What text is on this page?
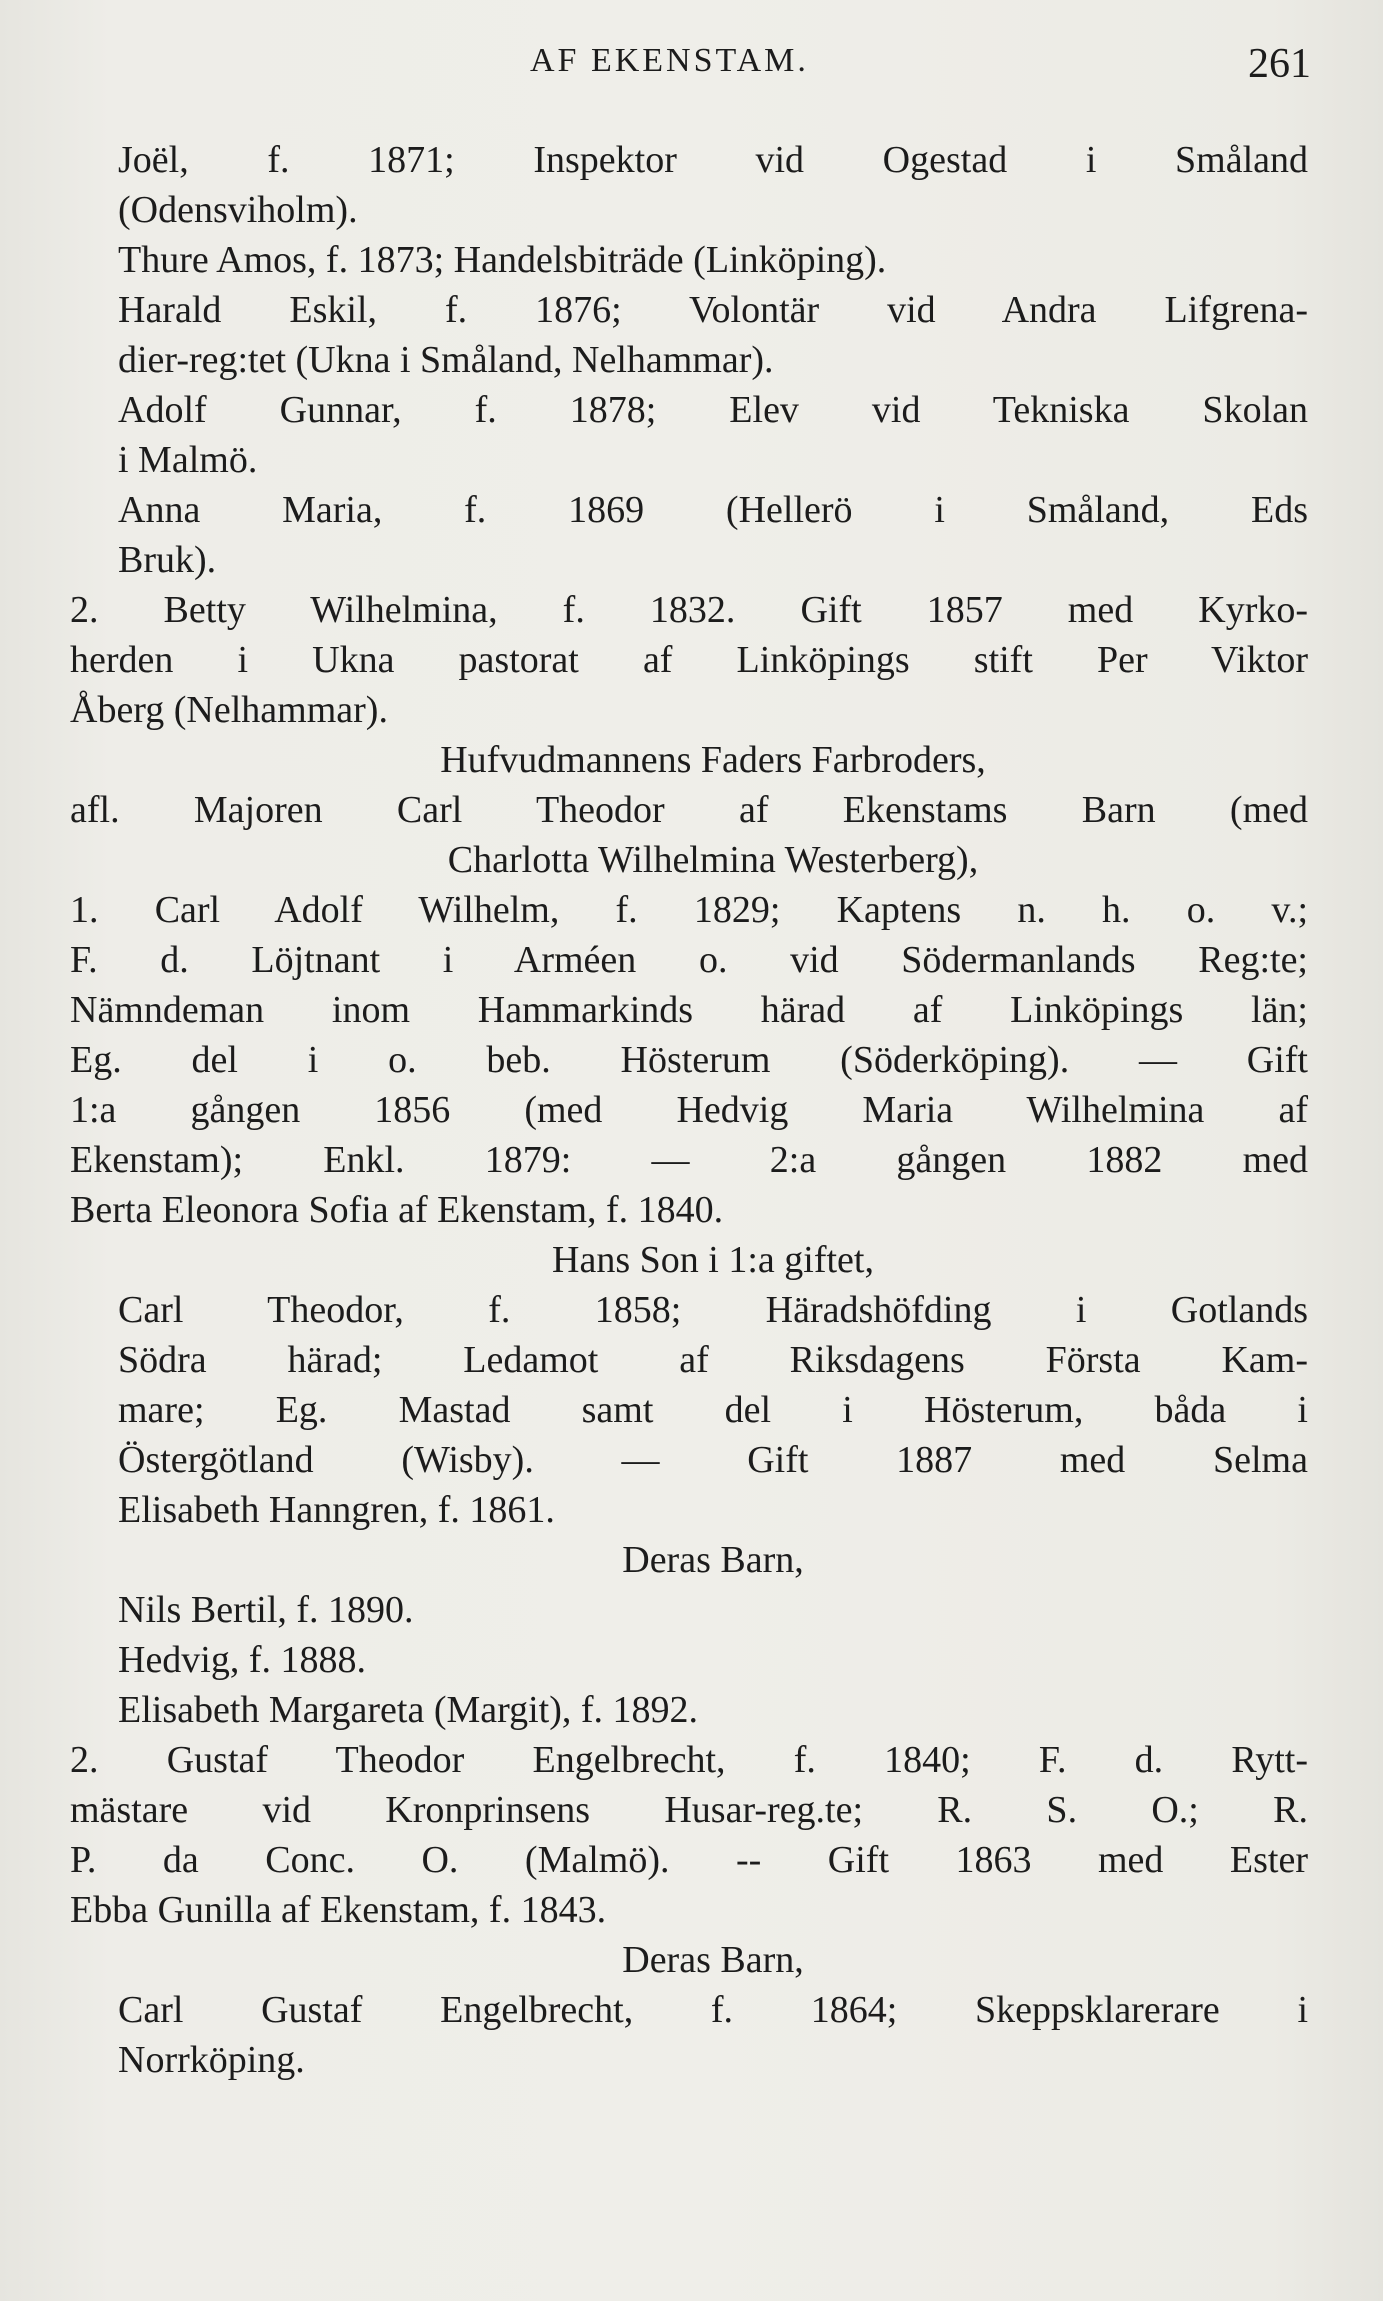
AF EKENSTAM.	261
Joël, f. 1871; Inspektor vid Ogestad i Småland
(Odensviholm).
Thure Amos, f. 1873; Handelsbiträde (Linköping).
Harald Eskil, f. 1876; Volontär vid Andra Lifgrena-
dier-reg:tet (Ukna i Småland, Nelhammar).
Adolf Gunnar, f. 1878; Elev vid Tekniska Skolan
i Malmö.
Anna Maria, f. 1869 (Hellerö i Småland, Eds
Bruk).
2. Betty Wilhelmina, f. 1832. Gift 1857 med Kyrko-
herden i Ukna pastorat af Linköpings stift Per Viktor
Åberg (Nelhammar).
Hufvudmannens Faders Farbroders,
afl. Majoren Carl Theodor af Ekenstams Barn (med
Charlotta Wilhelmina Westerberg),
1. Carl Adolf Wilhelm, f. 1829; Kaptens n. h. o. v.;
F. d. Löjtnant i Arméen o. vid Södermanlands Reg:te;
Nämndeman inom Hammarkinds härad af Linköpings län;
Eg. del i o. beb. Hösterum (Söderköping). — Gift
1:a gången 1856 (med Hedvig Maria Wilhelmina af
Ekenstam); Enkl. 1879: — 2:a gången 1882 med
Berta Eleonora Sofia af Ekenstam, f. 1840.
Hans Son i 1:a giftet,
Carl Theodor, f. 1858; Häradshöfding i Gotlands
Södra härad; Ledamot af Riksdagens Första Kam-
mare; Eg. Mastad samt del i Hösterum, båda i
Östergötland (Wisby). — Gift 1887 med Selma
Elisabeth Hanngren, f. 1861.
Deras Barn,
Nils Bertil, f. 1890.
Hedvig, f. 1888.
Elisabeth Margareta (Margit), f. 1892.
2. Gustaf Theodor Engelbrecht, f. 1840; F. d. Rytt-
mästare vid Kronprinsens Husar-reg.te; R. S. O.; R.
P. da Conc. O. (Malmö). -- Gift 1863 med Ester
Ebba Gunilla af Ekenstam, f. 1843.
Deras Barn,
Carl Gustaf Engelbrecht, f. 1864; Skeppsklarerare i
Norrköping.
